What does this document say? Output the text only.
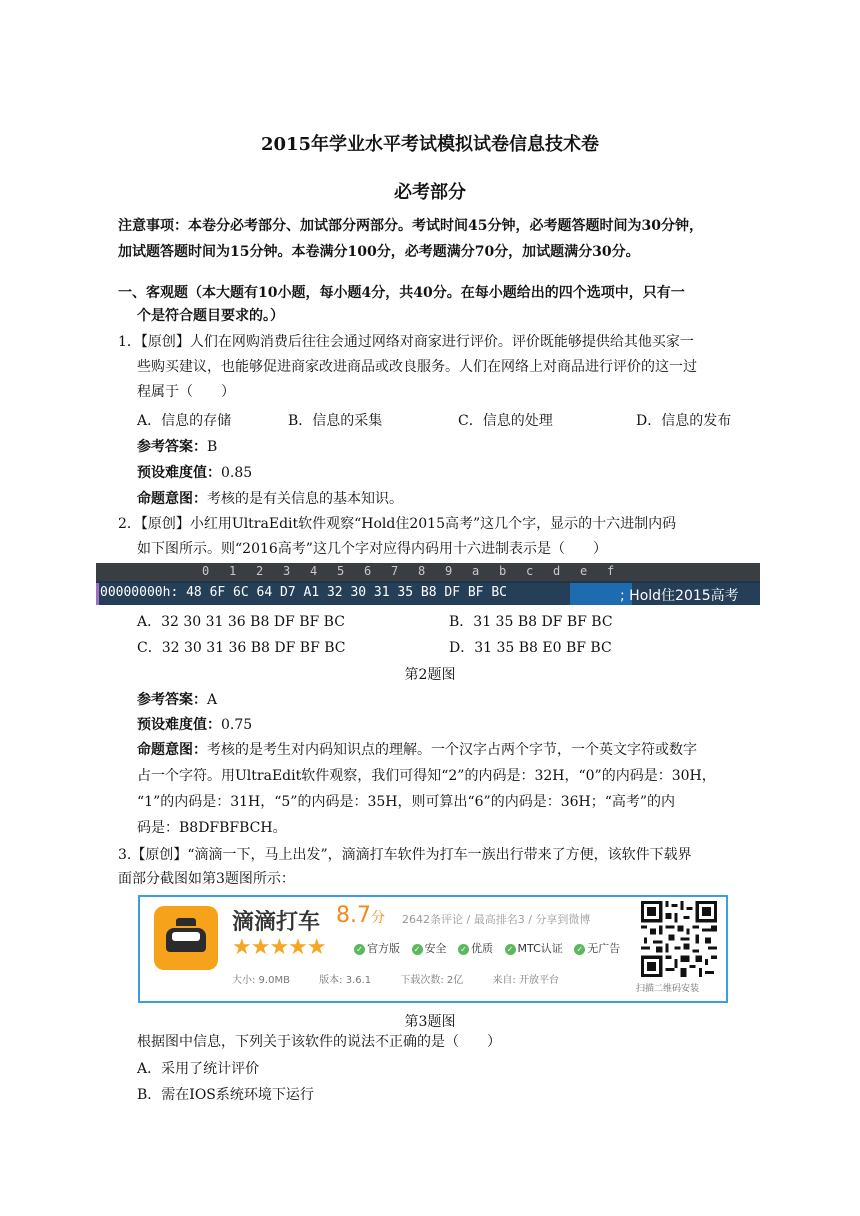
2015年学业水平考试模拟试卷信息技术卷
必考部分
注意事项：本卷分必考部分、加试部分两部分。考试时间45分钟，必考题答题时间为30分钟，
加试题答题时间为15分钟。本卷满分100分，必考题满分70分，加试题满分30分。
一、客观题（本大题有10小题，每小题4分，共40分。在每小题给出的四个选项中，只有一
个是符合题目要求的。）
1．【原创】人们在网购消费后往往会通过网络对商家进行评价。评价既能够提供给其他买家一
些购买建议，也能够促进商家改进商品或改良服务。人们在网络上对商品进行评价的这一过
程属于（　　）
A．信息的存储	B．信息的采集	C．信息的处理	D．信息的发布
参考答案：B
预设难度值：0.85
命题意图：考核的是有关信息的基本知识。
2．【原创】小红用UltraEdit软件观察“Hold住2015高考”这几个字，显示的十六进制内码
如下图所示。则“2016高考”这几个字对应得内码用十六进制表示是（　　）
0 1 2 3 4 5 6 7 8 9 a b c d e f
00000000h: 48 6F 6C 64 D7 A1 32 30 31 35 B8 DF BF BC	; Hold住2015高考
A．32 30 31 36 B8 DF BF BC	B．31 35 B8 DF BF BC
C．32 30 31 36 B8 DF BF BC	D．31 35 B8 E0 BF BC
第2题图
参考答案：A
预设难度值：0.75
命题意图：考核的是考生对内码知识点的理解。一个汉字占两个字节，一个英文字符或数字
占一个字符。用UltraEdit软件观察，我们可得知“2”的内码是：32H，“0”的内码是：30H，
“1”的内码是：31H，“5”的内码是：35H，则可算出“6”的内码是：36H；“高考”的内
码是：B8DFBFBCH。
3.【原创】“滴滴一下，马上出发”，滴滴打车软件为打车一族出行带来了方便，该软件下载界
面部分截图如第3题图所示：
滴滴打车 8.7分 2642条评论 / 最高排名3 / 分享到微博
★★★★★	✓ 官方版 ✓ 安全 ✓ 优质 ✓ MTC认证 ✓ 无广告
大小: 9.0MB	版本: 3.6.1	下载次数: 2亿	来自: 开放平台
扫描二维码安装
第3题图
根据图中信息，下列关于该软件的说法不正确的是（　　）
A．采用了统计评价
B．需在IOS系统环境下运行
